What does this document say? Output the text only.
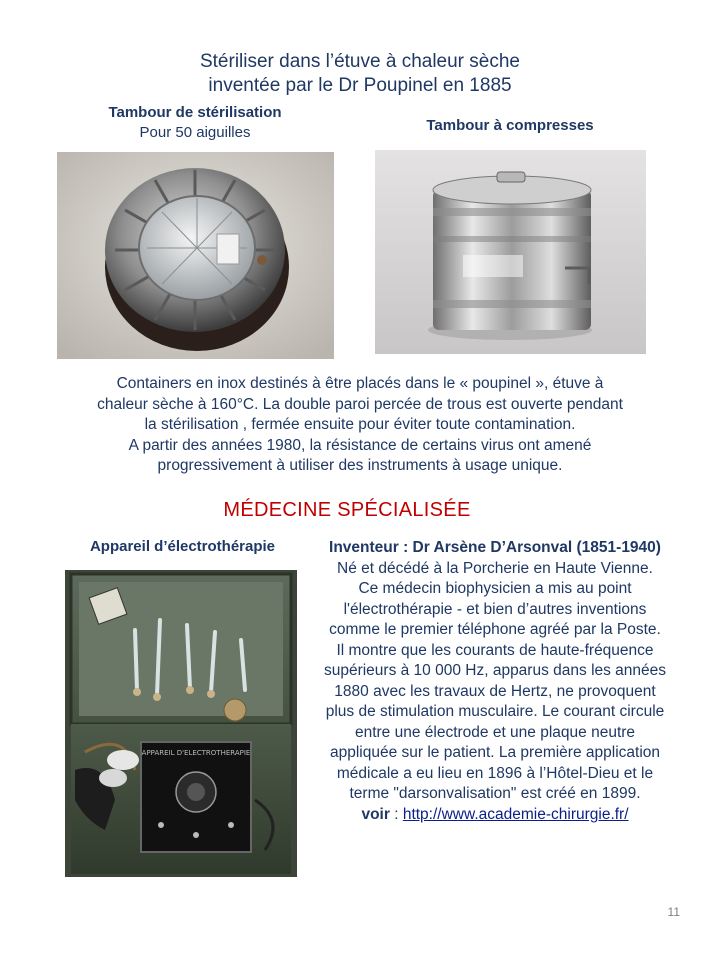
Stériliser dans l’étuve à chaleur sèche
inventée par le Dr Poupinel en 1885
Tambour de stérilisation
Pour 50 aiguilles	Tambour à compresses
Containers en inox destinés à être placés dans le « poupinel », étuve à
chaleur sèche à 160°C. La double paroi percée de trous est ouverte pendant
la stérilisation , fermée ensuite pour éviter toute contamination.
A partir des années 1980, la résistance de certains virus ont amené
progressivement à utiliser des instruments à usage unique.
MÉDECINE SPÉCIALISÉE
Appareil d’électrothérapie
APPAREIL D'ELECTROTHERAPIE
Inventeur : Dr Arsène D’Arsonval (1851-1940)
Né et décédé à la Porcherie en Haute Vienne.
Ce médecin biophysicien a mis au point
l'électrothérapie - et bien d’autres inventions
comme le premier téléphone agréé par la Poste.
Il montre que les courants de haute-fréquence
supérieurs à 10 000 Hz, apparus dans les années
1880 avec les travaux de Hertz, ne provoquent
plus de stimulation musculaire. Le courant circule
entre une électrode et une plaque neutre
appliquée sur le patient. La première application
médicale a eu lieu en 1896 à l’Hôtel-Dieu et le
terme "darsonvalisation" est créé en 1899.
voir : http://www.academie-chirurgie.fr/
11
